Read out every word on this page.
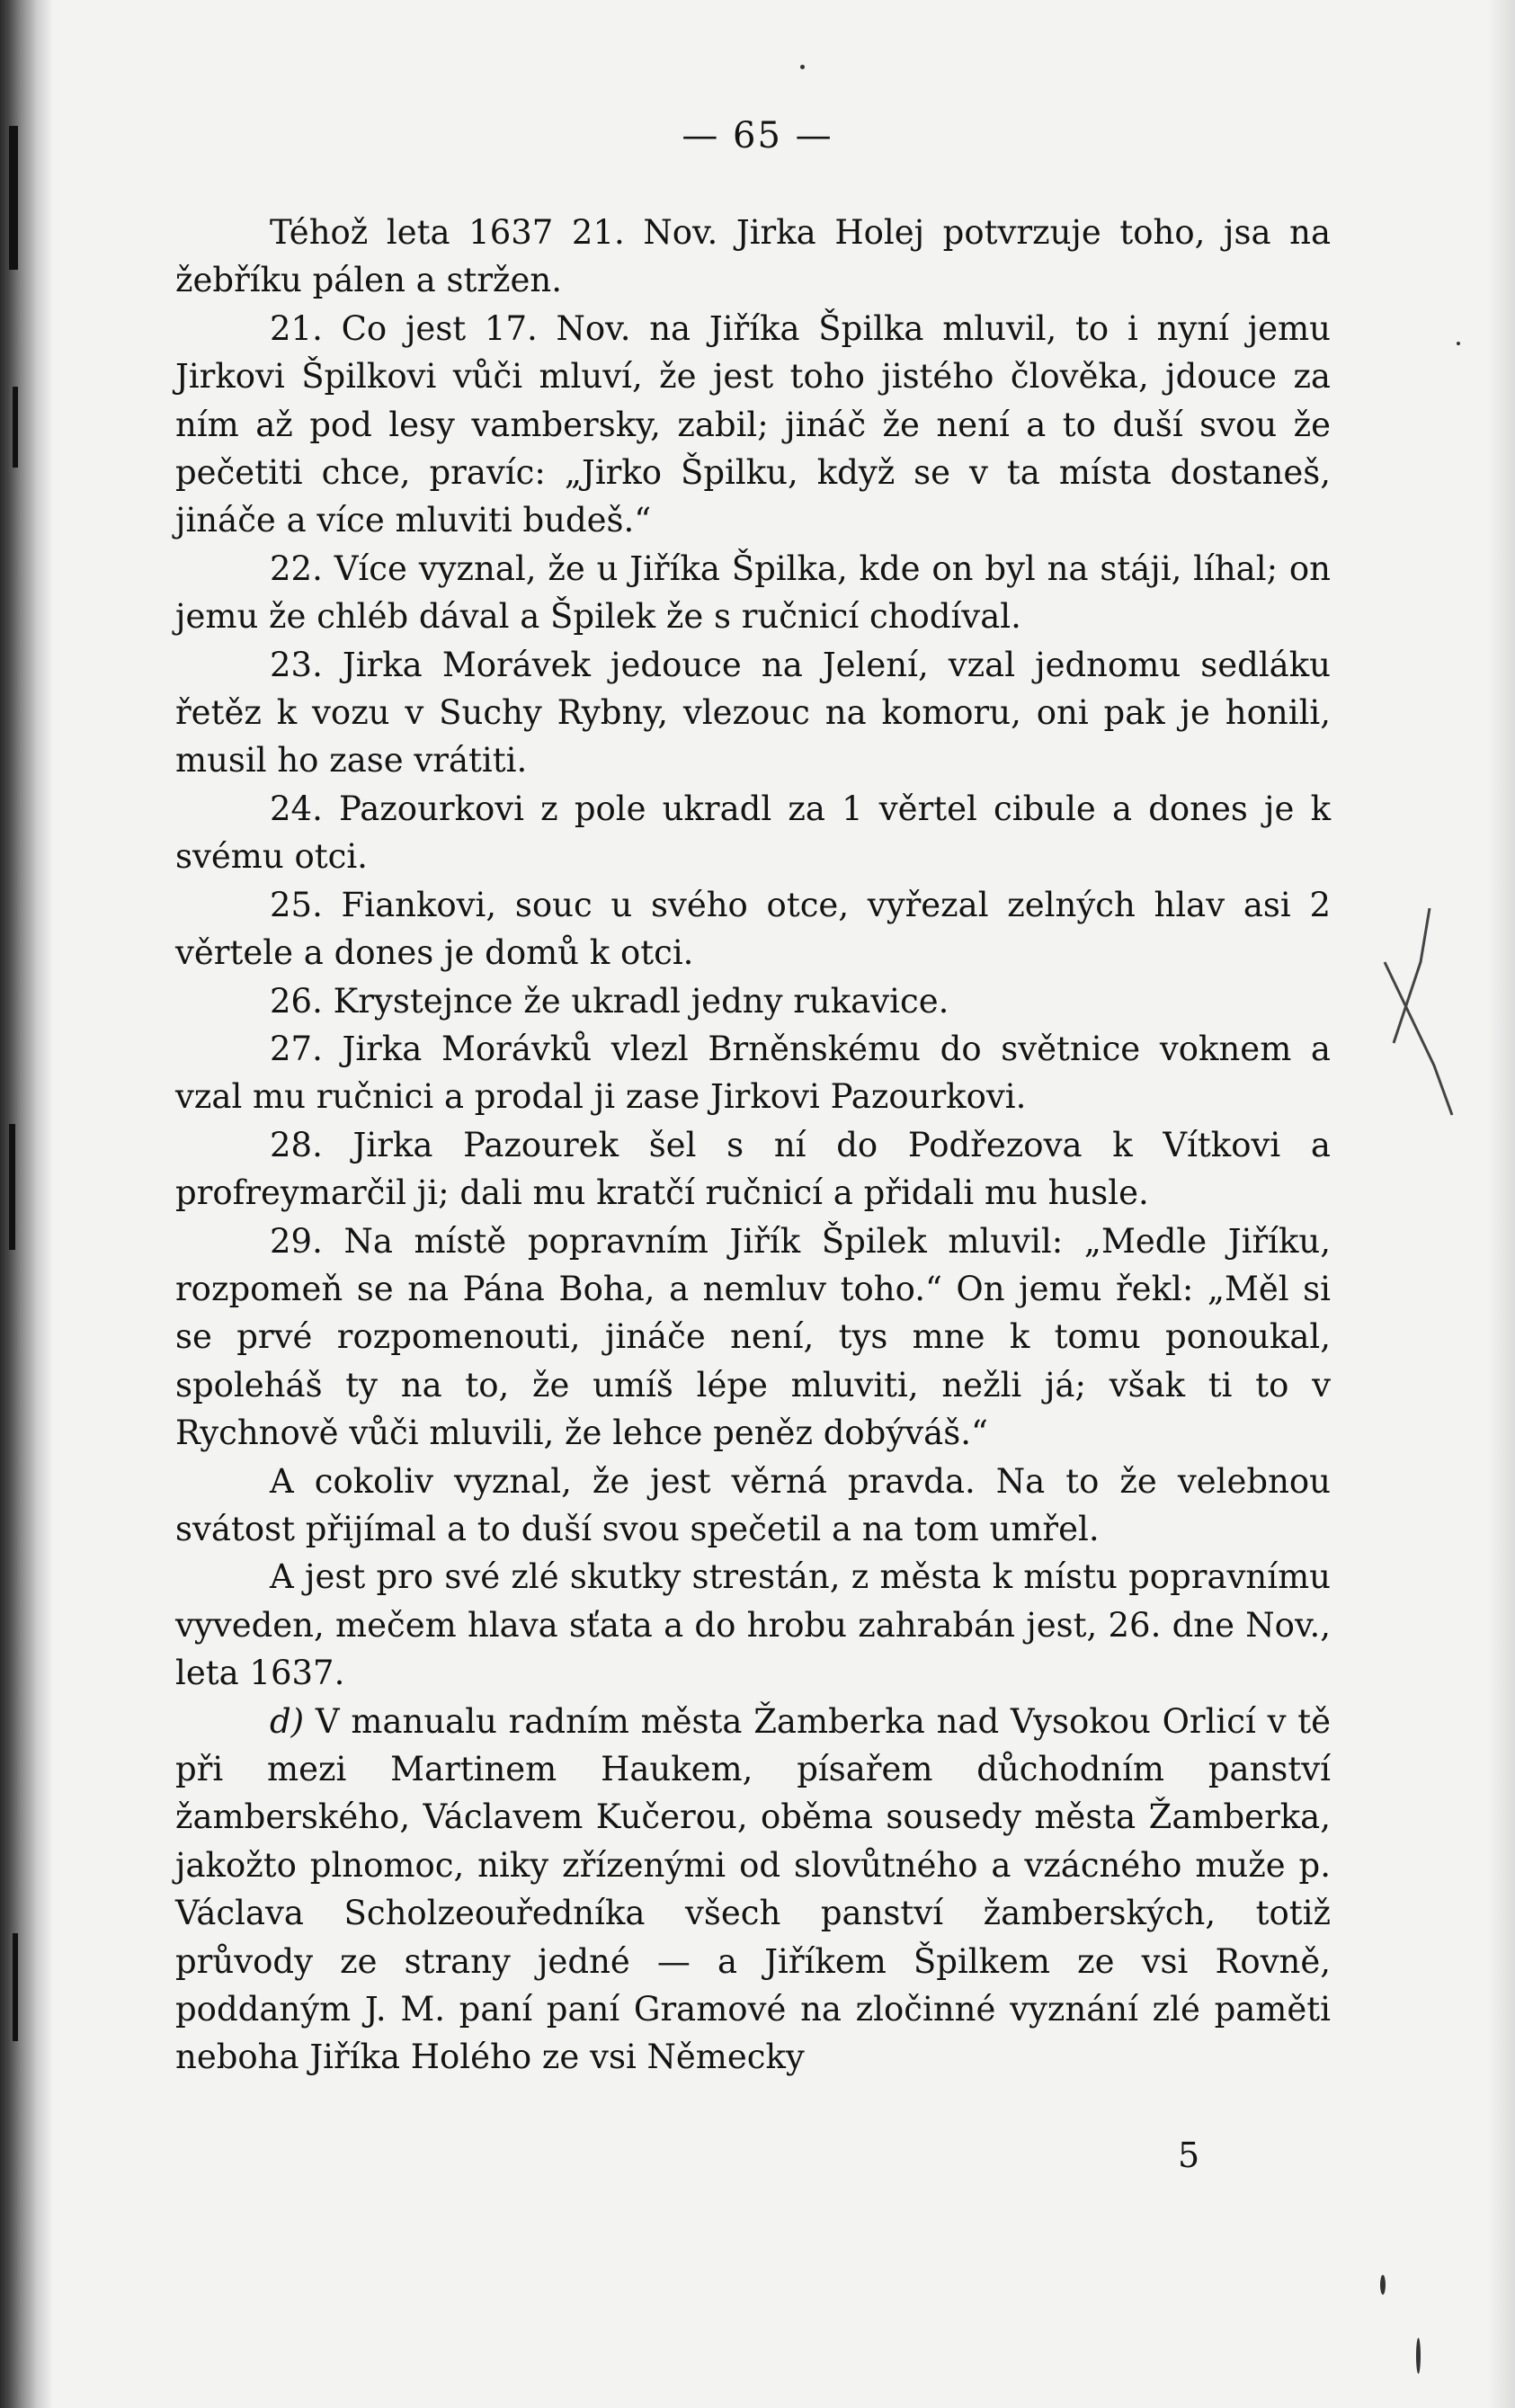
— 65 —

Téhož leta 1637 21. Nov. Jirka Holej potvrzuje toho, jsa na žebříku pálen a stržen.

21. Co jest 17. Nov. na Jiříka Špilka mluvil, to i nyní jemu Jirkovi Špilkovi vůči mluví, že jest toho jistého člověka, jdouce za ním až pod lesy vambersky, zabil; jináč že není a to duší svou že pečetiti chce, pravíc: „Jirko Špilku, když se v ta místa dostaneš, jináče a více mluviti budeš.“

22. Více vyznal, že u Jiříka Špilka, kde on byl na stáji, líhal; on jemu že chléb dával a Špilek že s ručnicí chodíval.

23. Jirka Morávek jedouce na Jelení, vzal jednomu sedláku řetěz k vozu v Suchy Rybny, vlezouc na komoru, oni pak je honili, musil ho zase vrátiti.

24. Pazourkovi z pole ukradl za 1 věrtel cibule a dones je k svému otci.

25. Fiankovi, souc u svého otce, vyřezal zelných hlav asi 2 věrtele a dones je domů k otci.

26. Krystejnce že ukradl jedny rukavice.

27. Jirka Morávků vlezl Brněnskému do světnice voknem a vzal mu ručnici a prodal ji zase Jirkovi Pazourkovi.

28. Jirka Pazourek šel s ní do Podřezova k Vítkovi a profreymarčil ji; dali mu kratčí ručnicí a přidali mu husle.

29. Na místě popravním Jiřík Špilek mluvil: „Medle Jiříku, rozpomeň se na Pána Boha, a nemluv toho.“ On jemu řekl: „Měl si se prvé rozpomenouti, jináče není, tys mne k tomu ponoukal, spoleháš ty na to, že umíš lépe mluviti, nežli já; však ti to v Rychnově vůči mluvili, že lehce peněz dobýváš.“

A cokoliv vyznal, že jest věrná pravda. Na to že velebnou svátost přijímal a to duší svou spečetil a na tom umřel.

A jest pro své zlé skutky strestán, z města k místu popravnímu vyveden, mečem hlava sťata a do hrobu zahrabán jest, 26. dne Nov., leta 1637.

d) V manualu radním města Žamberka nad Vysokou Orlicí v tě při mezi Martinem Haukem, písařem důchodním panství žamberského, Václavem Kučerou, oběma sousedy města Žamberka, jakožto plnomoc, niky zřízenými od slovůtného a vzácného muže p. Václava Scholzeouředníka všech panství žamberských, totiž průvody ze strany jedné — a Jiříkem Špilkem ze vsi Rovně, poddaným J. M. paní paní Gramové na zločinné vyznání zlé paměti neboha Jiříka Holého ze vsi Německy

5
